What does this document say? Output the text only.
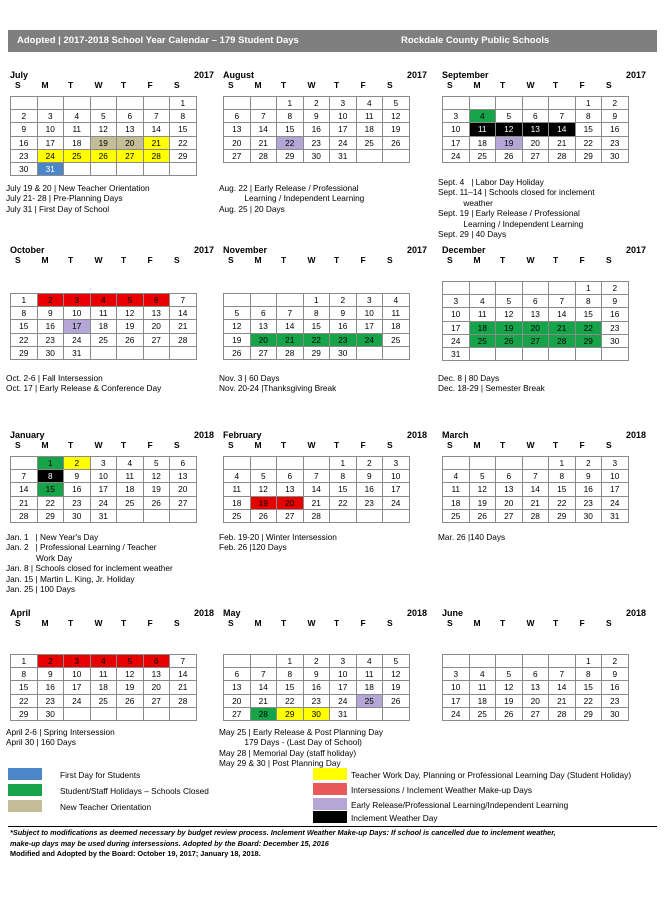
Adopted | 2017-2018 School Year Calendar – 179 Student Days	Rockdale County Public Schools
July	2017
S	M	T	W	T	F	S
						1
2	3	4	5	6	7	8
9	10	11	12	13	14	15
16	17	18	19	20	21	22
23	24	25	26	27	28	29
30	31					
July 19 & 20 | New Teacher Orientation
July 21- 28 | Pre-Planning Days
July 31 | First Day of School
August	2017
S	M	T	W	T	F	S
		1	2	3	4	5
6	7	8	9	10	11	12
13	14	15	16	17	18	19
20	21	22	23	24	25	26
27	28	29	30	31		
Aug. 22 | Early Release / Professional
Learning / Independent Learning
Aug. 25 | 20 Days
September	2017
S	M	T	W	T	F	S
					1	2
3	4	5	6	7	8	9
10	11	12	13	14	15	16
17	18	19	20	21	22	23
24	25	26	27	28	29	30
Sept. 4   | Labor Day Holiday
Sept. 11–14 | Schools closed for inclement
weather
Sept. 19 | Early Release / Professional
Learning / Independent Learning
Sept. 29 | 40 Days
October	2017
S	M	T	W	T	F	S
1	2	3	4	5	6	7
8	9	10	11	12	13	14
15	16	17	18	19	20	21
22	23	24	25	26	27	28
29	30	31				
Oct. 2-6 | Fall Intersession
Oct. 17 | Early Release & Conference Day
November	2017
S	M	T	W	T	F	S
			1	2	3	4
5	6	7	8	9	10	11
12	13	14	15	16	17	18
19	20	21	22	23	24	25
26	27	28	29	30		
Nov. 3 | 60 Days
Nov. 20-24 |Thanksgiving Break
December	2017
S	M	T	W	T	F	S
					1	2
3	4	5	6	7	8	9
10	11	12	13	14	15	16
17	18	19	20	21	22	23
24	25	26	27	28	29	30
31						
Dec. 8 | 80 Days
Dec. 18-29 | Semester Break
January	2018
S	M	T	W	T	F	S
	1	2	3	4	5	6
7	8	9	10	11	12	13
14	15	16	17	18	19	20
21	22	23	24	25	26	27
28	29	30	31			
Jan. 1   | New Year's Day
Jan. 2   | Professional Learning / Teacher
Work Day
Jan. 8 | Schools closed for inclement weather
Jan. 15 | Martin L. King, Jr. Holiday
Jan. 25 | 100 Days
February	2018
S	M	T	W	T	F	S
				1	2	3
4	5	6	7	8	9	10
11	12	13	14	15	16	17
18	19	20	21	22	23	24
25	26	27	28			
Feb. 19-20 | Winter Intersession
Feb. 26 |120 Days
March	2018
S	M	T	W	T	F	S
				1	2	3
4	5	6	7	8	9	10
11	12	13	14	15	16	17
18	19	20	21	22	23	24
25	26	27	28	29	30	31
Mar. 26 |140 Days
April	2018
S	M	T	W	T	F	S
1	2	3	4	5	6	7
8	9	10	11	12	13	14
15	16	17	18	19	20	21
22	23	24	25	26	27	28
29	30					
April 2-6 | Spring Intersession
April 30 | 160 Days
May	2018
S	M	T	W	T	F	S
		1	2	3	4	5
6	7	8	9	10	11	12
13	14	15	16	17	18	19
20	21	22	23	24	25	26
27	28	29	30	31		
May 25 | Early Release & Post Planning Day
179 Days - (Last Day of School)
May 28 | Memorial Day (staff holiday)
May 29 & 30 | Post Planning Day
June	2018
S	M	T	W	T	F	S
					1	2
3	4	5	6	7	8	9
10	11	12	13	14	15	16
17	18	19	20	21	22	23
24	25	26	27	28	29	30
First Day for Students
Student/Staff Holidays – Schools Closed
New Teacher Orientation
Teacher Work Day, Planning or Professional Learning Day (Student Holiday)
Intersessions / Inclement Weather Make-up Days
Early Release/Professional Learning/Independent Learning
Inclement Weather Day
*Subject to modifications as deemed necessary by budget review process. Inclement Weather Make-up Days: If school is cancelled due to inclement weather,
make-up days may be used during intersessions. Adopted by the Board: December 15, 2016
Modified and Adopted by the Board: October 19, 2017; January 18, 2018.
